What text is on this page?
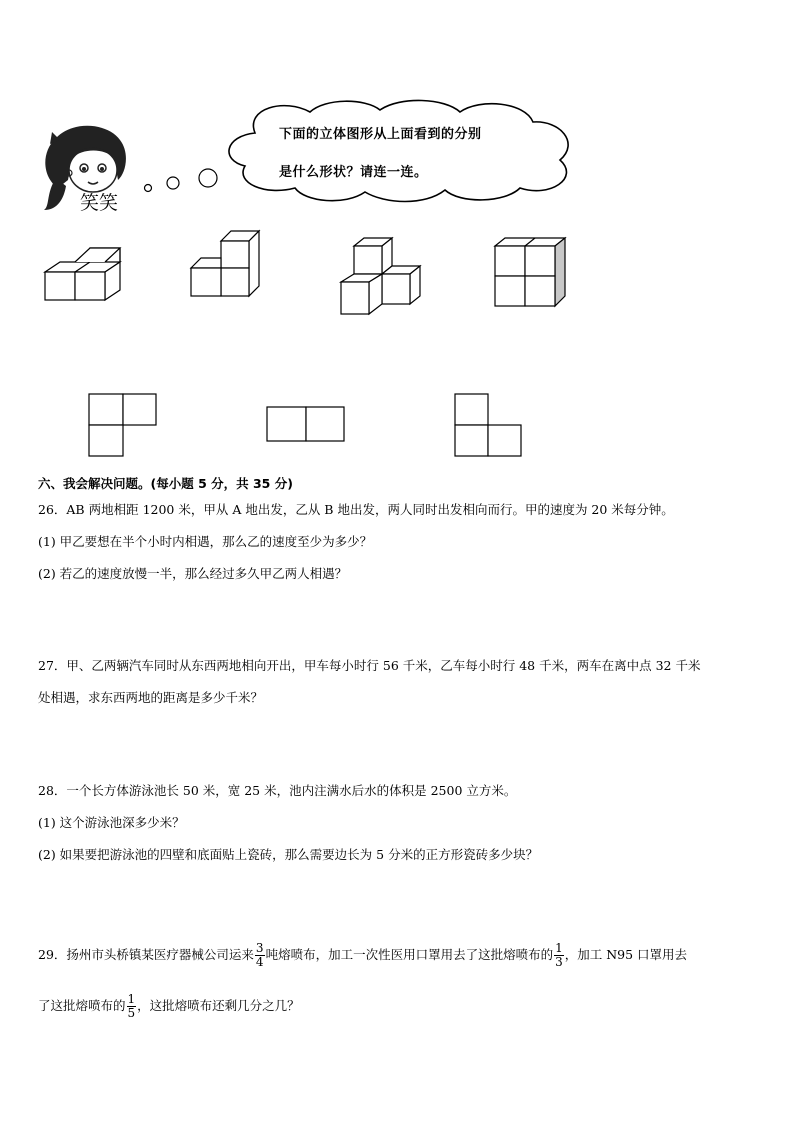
笑笑
下面的立体图形从上面看到的分别
是什么形状？请连一连。
六、我会解决问题。(每小题 5 分，共 35 分)
26．AB 两地相距 1200 米，甲从 A 地出发，乙从 B 地出发，两人同时出发相向而行。甲的速度为 20 米每分钟。
(1) 甲乙要想在半个小时内相遇，那么乙的速度至少为多少？
(2) 若乙的速度放慢一半，那么经过多久甲乙两人相遇？
27．甲、乙两辆汽车同时从东西两地相向开出，甲车每小时行 56 千米，乙车每小时行 48 千米，两车在离中点 32 千米
处相遇，求东西两地的距离是多少千米？
28．一个长方体游泳池长 50 米，宽 25 米，池内注满水后水的体积是 2500 立方米。
(1) 这个游泳池深多少米？
(2) 如果要把游泳池的四壁和底面贴上瓷砖，那么需要边长为 5 分米的正方形瓷砖多少块？
29．扬州市头桥镇某医疗器械公司运来 $\frac{3}{4}$ 吨熔喷布，加工一次性医用口罩用去了这批熔喷布的 $\frac{1}{3}$ ，加工 N95 口罩用去
了这批熔喷布的 $\frac{1}{5}$ ，这批熔喷布还剩几分之几？
